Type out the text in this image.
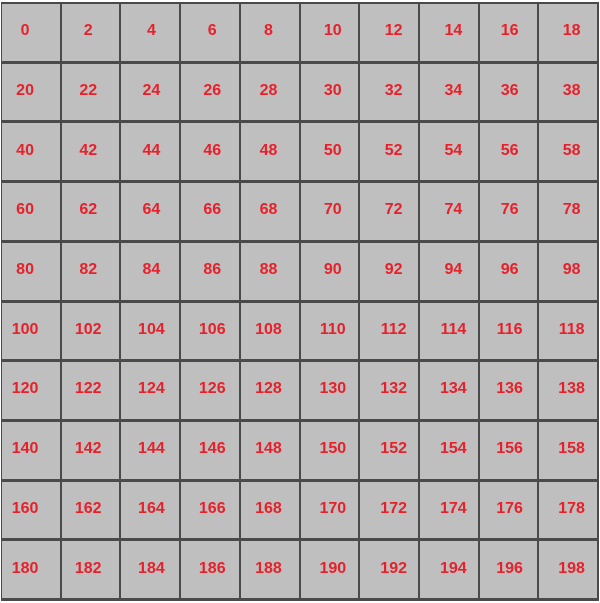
0	2	4	6	8	10	12	14 16	18
20	22	24	26 28	30	32	34 36	38
40	42	44	46 48	50	52	54 56	58
60	62	64	66 68	70	72	74 76	78
80	82	84	86 88	90	92	94 96	98
100 102 104 106 108 110 112 114 116 118
120 122 124 126 128 130 132 134 136 138
140 142 144 146 148 150 152 154 156 158
160 162 164 166 168 170 172 174 176 178
180 182 184 186 188 190 192 194 196 198
